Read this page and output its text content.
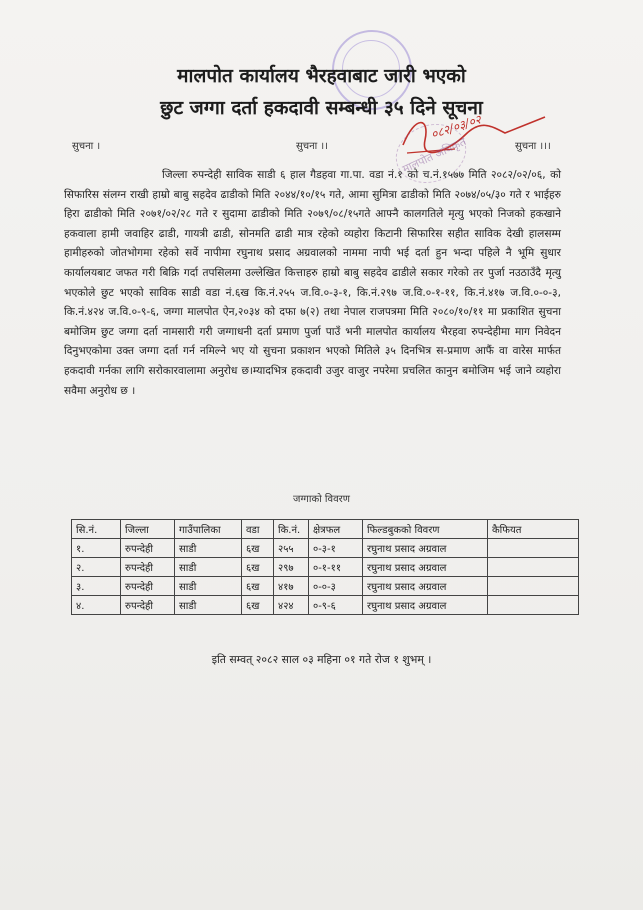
मालपोत कार्यालय भैरहवाबाट जारी भएको
छुट जग्गा दर्ता हकदावी सम्बन्धी ३५ दिने सूचना
सुचना ।	सुचना ।।	सुचना ।।।
०८२/०३/०२
मालपोत अधिकृत
जिल्ला रुपन्देही साविक साडी ६ हाल गैडहवा गा.पा. वडा नं.१ को च.नं.१५७७ मिति २०८२/०२/०६, को सिफारिस संलग्न राखी हाम्रो बाबु सहदेव ढाडीको मिति २०४४/१०/१५ गते, आमा सुमित्रा ढाडीको मिति २०७४/०५/३० गते र भाईहरु हिरा ढाडीको मिति २०७१/०२/२८ गते र सुदामा ढाडीको मिति २०७९/०८/१५गते आफ्नै कालगतिले मृत्यु भएको निजको हकखाने हकवाला हामी जवाहिर ढाडी, गायत्री ढाडी, सोनमति ढाडी मात्र रहेको व्यहोरा किटानी सिफारिस सहीत साविक देखी हालसम्म हामीहरुको जोतभोगमा रहेको सर्वे नापीमा रघुनाथ प्रसाद अग्रवालको नाममा नापी भई दर्ता हुन भन्दा पहिले नै भूमि सुधार कार्यालयबाट जफत गरी बिक्रि गर्दा तपसिलमा उल्लेखित कित्ताहरु हाम्रो बाबु सहदेव ढाडीले सकार गरेको तर पुर्जा नउठाउँदै मृत्यु भएकोले छुट भएको साविक साडी वडा नं.६ख कि.नं.२५५ ज.वि.०-३-१, कि.नं.२९७ ज.वि.०-१-११, कि.नं.४१७ ज.वि.०-०-३, कि.नं.४२४ ज.वि.०-९-६, जग्गा मालपोत ऐन,२०३४ को दफा ७(२) तथा नेपाल राजपत्रमा मिति २०८०/१०/११ मा प्रकाशित सुचना बमोजिम छुट जग्गा दर्ता नामसारी गरी जग्गाधनी दर्ता प्रमाण पुर्जा पाउँ भनी मालपोत कार्यालय भैरहवा रुपन्देहीमा माग निवेदन दिनुभएकोमा उक्त जग्गा दर्ता गर्न नमिल्ने भए यो सुचना प्रकाशन भएको मितिले ३५ दिनभित्र स-प्रमाण आफैं वा वारेस मार्फत हकदावी गर्नका लागि सरोकारवालामा अनुरोध छ।म्यादभित्र हकदावी उजुर वाजुर नपरेमा प्रचलित कानुन बमोजिम भई जाने व्यहोरा सवैमा अनुरोध छ ।
जग्गाको विवरण
सि.नं.	जिल्ला	गाउँपालिका	वडा	कि.नं.	क्षेत्रफल	फिल्डबुकको विवरण	कैफियत
१.	रुपन्देही	साडी	६ख	२५५	०-३-१	रघुनाथ प्रसाद अग्रवाल	
२.	रुपन्देही	साडी	६ख	२९७	०-१-११	रघुनाथ प्रसाद अग्रवाल	
३.	रुपन्देही	साडी	६ख	४१७	०-०-३	रघुनाथ प्रसाद अग्रवाल	
४.	रुपन्देही	साडी	६ख	४२४	०-९-६	रघुनाथ प्रसाद अग्रवाल	
इति सम्वत् २०८२ साल ०३ महिना ०१ गते रोज १ शुभम् ।
